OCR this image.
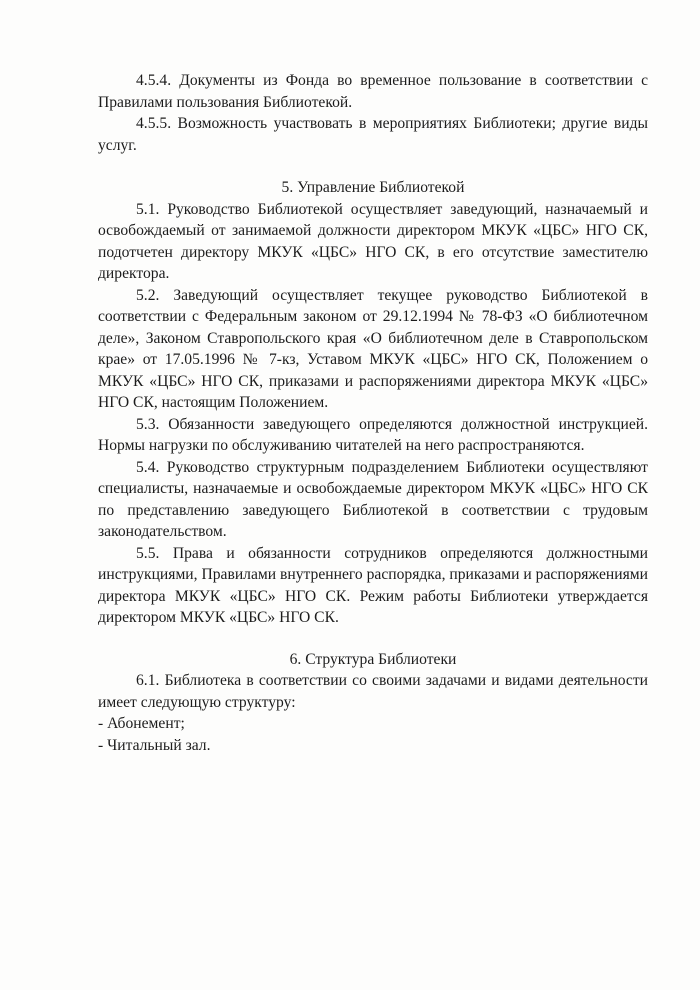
4.5.4. Документы из Фонда во временное пользование в соответствии с Правилами пользования Библиотекой.

4.5.5. Возможность участвовать в мероприятиях Библиотеки; другие виды услуг.

5. Управление Библиотекой

5.1. Руководство Библиотекой осуществляет заведующий, назначаемый и освобождаемый от занимаемой должности директором МКУК «ЦБС» НГО СК, подотчетен директору МКУК «ЦБС» НГО СК, в его отсутствие заместителю директора.

5.2. Заведующий осуществляет текущее руководство Библиотекой в соответствии с Федеральным законом от 29.12.1994 № 78-ФЗ «О библиотечном деле», Законом Ставропольского края «О библиотечном деле в Ставропольском крае» от 17.05.1996 № 7-кз, Уставом МКУК «ЦБС» НГО СК, Положением о МКУК «ЦБС» НГО СК, приказами и распоряжениями директора МКУК «ЦБС» НГО СК, настоящим Положением.

5.3. Обязанности заведующего определяются должностной инструкцией. Нормы нагрузки по обслуживанию читателей на него распространяются.

5.4. Руководство структурным подразделением Библиотеки осуществляют специалисты, назначаемые и освобождаемые директором МКУК «ЦБС» НГО СК по представлению заведующего Библиотекой в соответствии с трудовым законодательством.

5.5. Права и обязанности сотрудников определяются должностными инструкциями, Правилами внутреннего распорядка, приказами и распоряжениями директора МКУК «ЦБС» НГО СК. Режим работы Библиотеки утверждается директором МКУК «ЦБС» НГО СК.

6. Структура Библиотеки

6.1. Библиотека в соответствии со своими задачами и видами деятельности имеет следующую структуру:

- Абонемент;
- Читальный зал.
